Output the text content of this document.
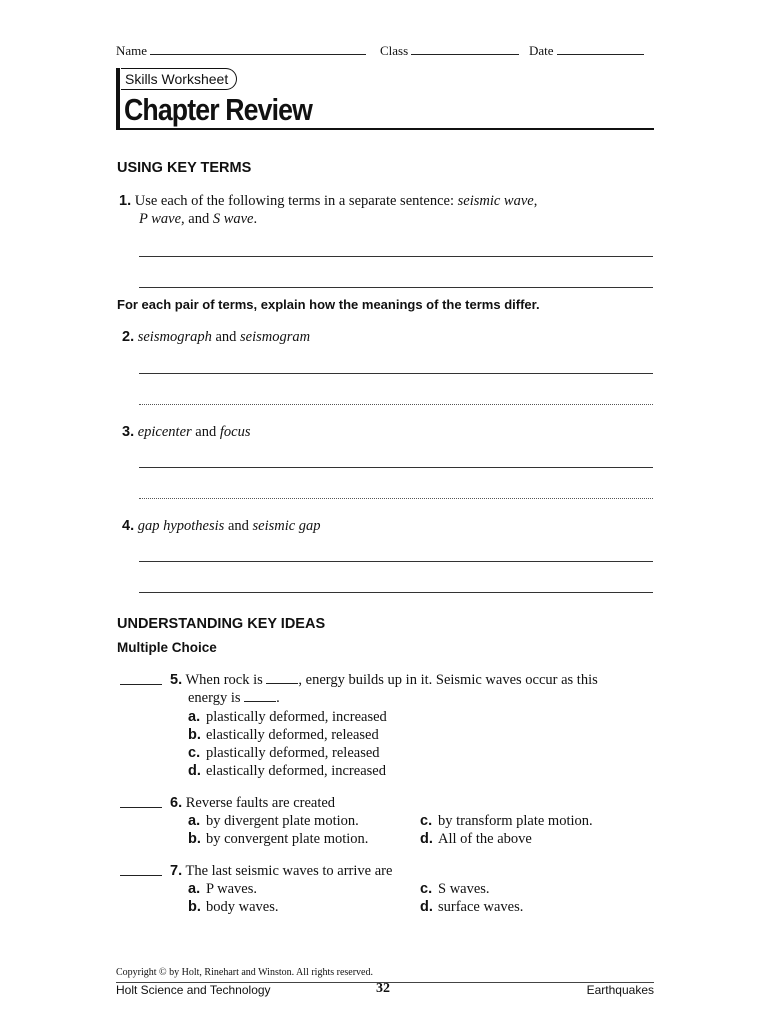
Name	Class	Date
Skills Worksheet
Chapter Review
USING KEY TERMS
1. Use each of the following terms in a separate sentence: seismic wave,
P wave, and S wave.
For each pair of terms, explain how the meanings of the terms differ.
2. seismograph and seismogram
3. epicenter and focus
4. gap hypothesis and seismic gap
UNDERSTANDING KEY IDEAS
Multiple Choice
5. When rock is , energy builds up in it. Seismic waves occur as this
energy is .
a. plastically deformed, increased
b. elastically deformed, released
c. plastically deformed, released
d. elastically deformed, increased
6. Reverse faults are created
a. by divergent plate motion.
b. by convergent plate motion.
c. by transform plate motion.
d. All of the above
7. The last seismic waves to arrive are
a. P waves.
b. body waves.
c. S waves.
d. surface waves.
Copyright © by Holt, Rinehart and Winston. All rights reserved.
Holt Science and Technology	32	Earthquakes
